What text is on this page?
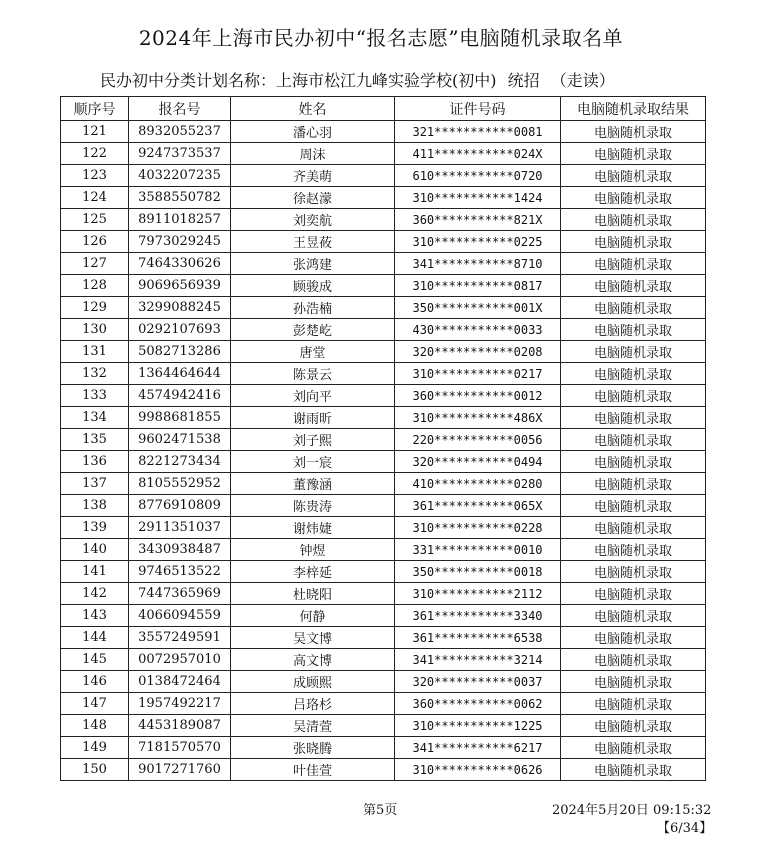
2024年上海市民办初中“报名志愿”电脑随机录取名单
民办初中分类计划名称：上海市松江九峰实验学校(初中) 统招 （走读）
顺序号	报名号	姓名	证件号码	电脑随机录取结果
121	8932055237	潘心羽	321***********0081	电脑随机录取
122	9247373537	周沫	411***********024X	电脑随机录取
123	4032207235	齐美萌	610***********0720	电脑随机录取
124	3588550782	徐赵濛	310***********1424	电脑随机录取
125	8911018257	刘奕航	360***********821X	电脑随机录取
126	7973029245	王昱莜	310***********0225	电脑随机录取
127	7464330626	张鸿建	341***********8710	电脑随机录取
128	9069656939	顾骏成	310***********0817	电脑随机录取
129	3299088245	孙浩楠	350***********001X	电脑随机录取
130	0292107693	彭楚屹	430***********0033	电脑随机录取
131	5082713286	唐堂	320***********0208	电脑随机录取
132	1364464644	陈景云	310***********0217	电脑随机录取
133	4574942416	刘向平	360***********0012	电脑随机录取
134	9988681855	谢雨昕	310***********486X	电脑随机录取
135	9602471538	刘子熙	220***********0056	电脑随机录取
136	8221273434	刘一宸	320***********0494	电脑随机录取
137	8105552952	董豫涵	410***********0280	电脑随机录取
138	8776910809	陈贵涛	361***********065X	电脑随机录取
139	2911351037	谢炜婕	310***********0228	电脑随机录取
140	3430938487	钟煜	331***********0010	电脑随机录取
141	9746513522	李梓延	350***********0018	电脑随机录取
142	7447365969	杜晓阳	310***********2112	电脑随机录取
143	4066094559	何静	361***********3340	电脑随机录取
144	3557249591	吴文博	361***********6538	电脑随机录取
145	0072957010	高文博	341***********3214	电脑随机录取
146	0138472464	成顾熙	320***********0037	电脑随机录取
147	1957492217	吕珞杉	360***********0062	电脑随机录取
148	4453189087	吴清萱	310***********1225	电脑随机录取
149	7181570570	张晓腾	341***********6217	电脑随机录取
150	9017271760	叶佳萱	310***********0626	电脑随机录取
第5页	2024年5月20日 09:15:32
【6/34】
